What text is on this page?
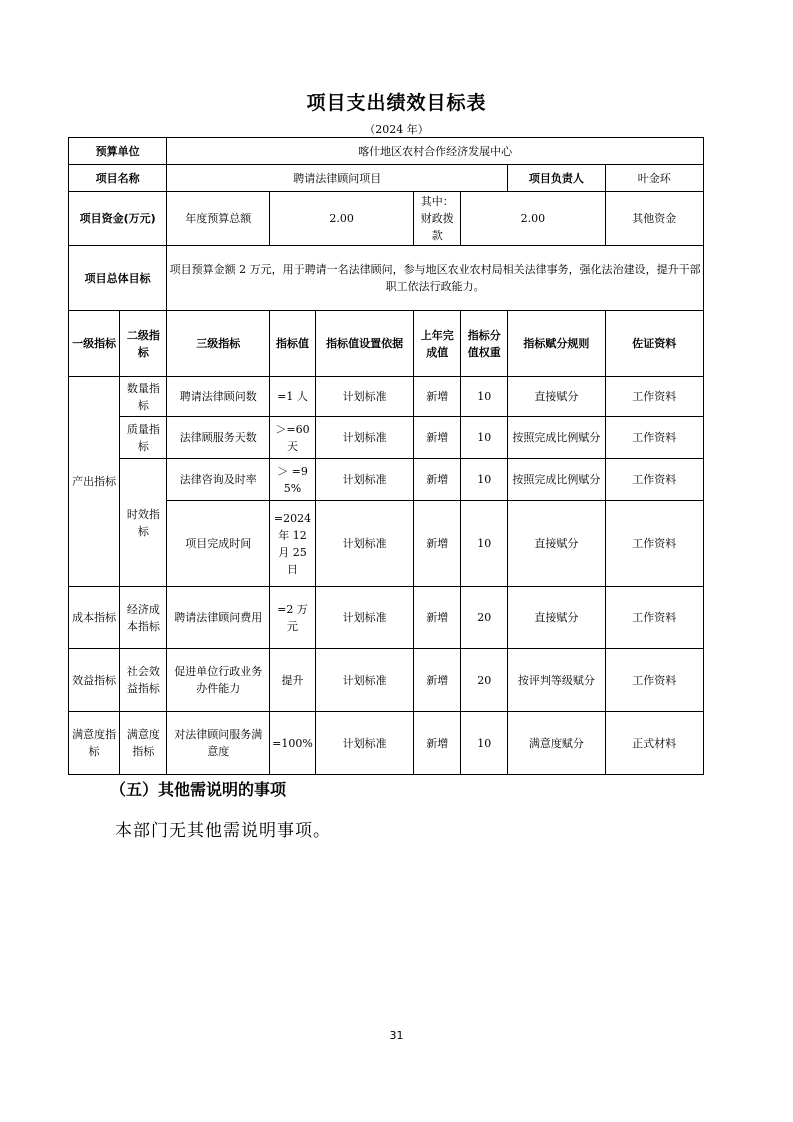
项目支出绩效目标表
（2024 年）
预算单位		喀什地区农村合作经济发展中心						
项目名称		聘请法律顾问项目					项目负责人	叶金环
项目资金(万元)		年度预算总额	2.00		其中：财政拨款	2.00		其他资金
项目总体目标		项目预算金额 2 万元，用于聘请一名法律顾问，参与地区农业农村局相关法律事务，强化法治建设，提升干部职工依法行政能力。						
一级指标	二级指标	三级指标	指标值	指标值设置依据	上年完成值	指标分值权重	指标赋分规则	佐证资料
产出指标	数量指标	聘请法律顾问数	=1 人	计划标准	新增	10	直接赋分	工作资料
	质量指标	法律顾服务天数	＞=60 天	计划标准	新增	10	按照完成比例赋分	工作资料
	时效指标	法律咨询及时率	＞ =95%	计划标准	新增	10	按照完成比例赋分	工作资料
		项目完成时间	=2024 年 12 月 25 日	计划标准	新增	10	直接赋分	工作资料
成本指标	经济成本指标	聘请法律顾问费用	=2 万元	计划标准	新增	20	直接赋分	工作资料
效益指标	社会效益指标	促进单位行政业务办件能力	提升	计划标准	新增	20	按评判等级赋分	工作资料
满意度指标	满意度指标	对法律顾问服务满意度	=100%	计划标准	新增	10	满意度赋分	正式材料
（五）其他需说明的事项
本部门无其他需说明事项。
31
